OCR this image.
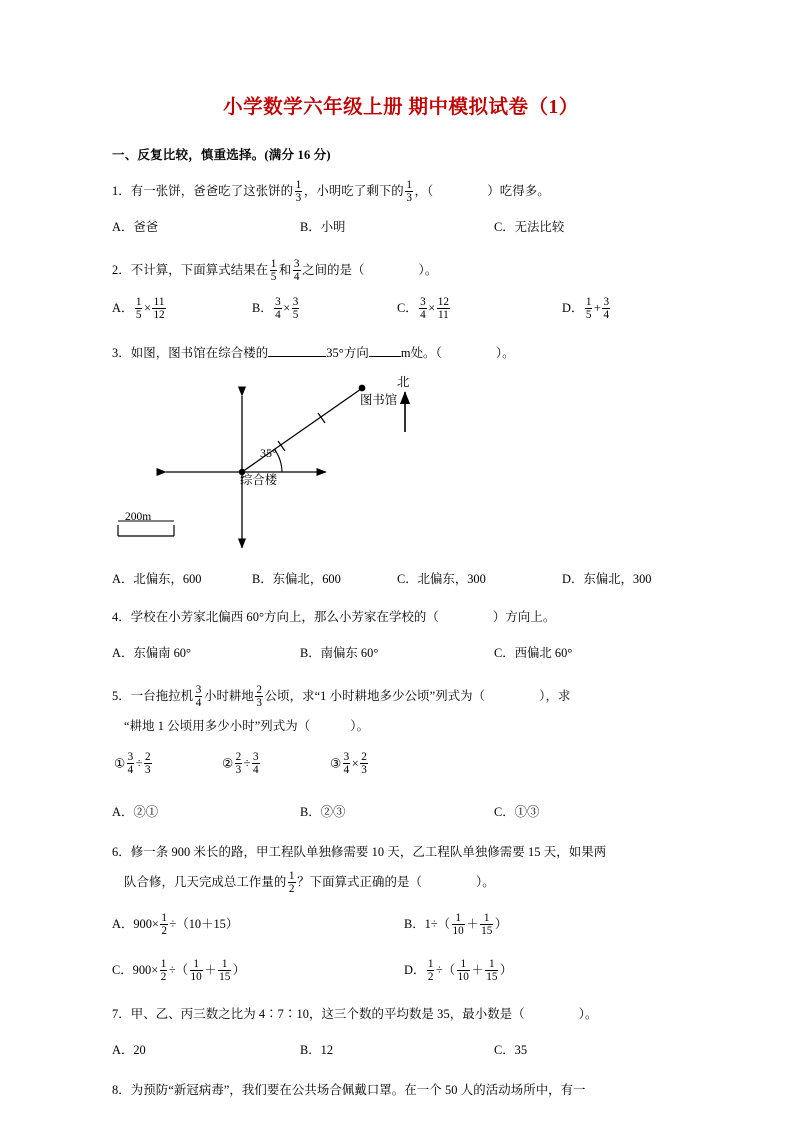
小学数学六年级上册 期中模拟试卷（1）
一、反复比较，慎重选择。(满分 16 分)
1．有一张饼，爸爸吃了这张饼的 $\frac{1}{3}$ ，小明吃了剩下的 $\frac{1}{3}$ ，（	）吃得多。
A．爸爸	B．小明	C．无法比较
2．不计算，下面算式结果在 $\frac{1}{5}$ 和 $\frac{3}{4}$ 之间的是（	）。
A． $\frac{1}{5} \times \frac{11}{12}$	B． $\frac{3}{4} \times \frac{3}{5}$	C． $\frac{3}{4} \times \frac{12}{11}$	D． $\frac{1}{5} + \frac{3}{4}$
3．如图，图书馆在综合楼的	35°方向	m处。（	）。
图书馆
北
综合楼
35°
200m
A．北偏东，600	B．东偏北，600	C．北偏东，300	D．东偏北，300
4．学校在小芳家北偏西 60°方向上，那么小芳家在学校的（	）方向上。
A．东偏南 60°	B．南偏东 60°	C．西偏北 60°
5．一台拖拉机 $\frac{3}{4}$ 小时耕地 $\frac{2}{3}$ 公顷，求“1 小时耕地多少公顷”列式为（	），求
“耕地 1 公顷用多少小时”列式为（	）。
① $\frac{3}{4} \div \frac{2}{3}$	② $\frac{2}{3} \div \frac{3}{4}$	③ $\frac{3}{4} \times \frac{2}{3}$
A．②①	B．②③	C．①③
6．修一条 900 米长的路，甲工程队单独修需要 10 天，乙工程队单独修需要 15 天，如果两
队合修，几天完成总工作量的 $\frac{1}{2}$ ？下面算式正确的是（	）。
A．$900\times \frac{1}{2} \div(10+15)$	B．$1\div( \frac{1}{10} + \frac{1}{15}$ ）
C．$900\times \frac{1}{2}$ ÷（ $\frac{1}{10} + \frac{1}{15}$ ）	D． $\frac{1}{2}$ ÷（ $\frac{1}{10} + \frac{1}{15}$ ）
7．甲、乙、丙三数之比为 4∶7∶10，这三个数的平均数是 35，最小数是（	）。
A．20	B．12	C．35
8．为预防“新冠病毒”，我们要在公共场合佩戴口罩。在一个 50 人的活动场所中，有一
